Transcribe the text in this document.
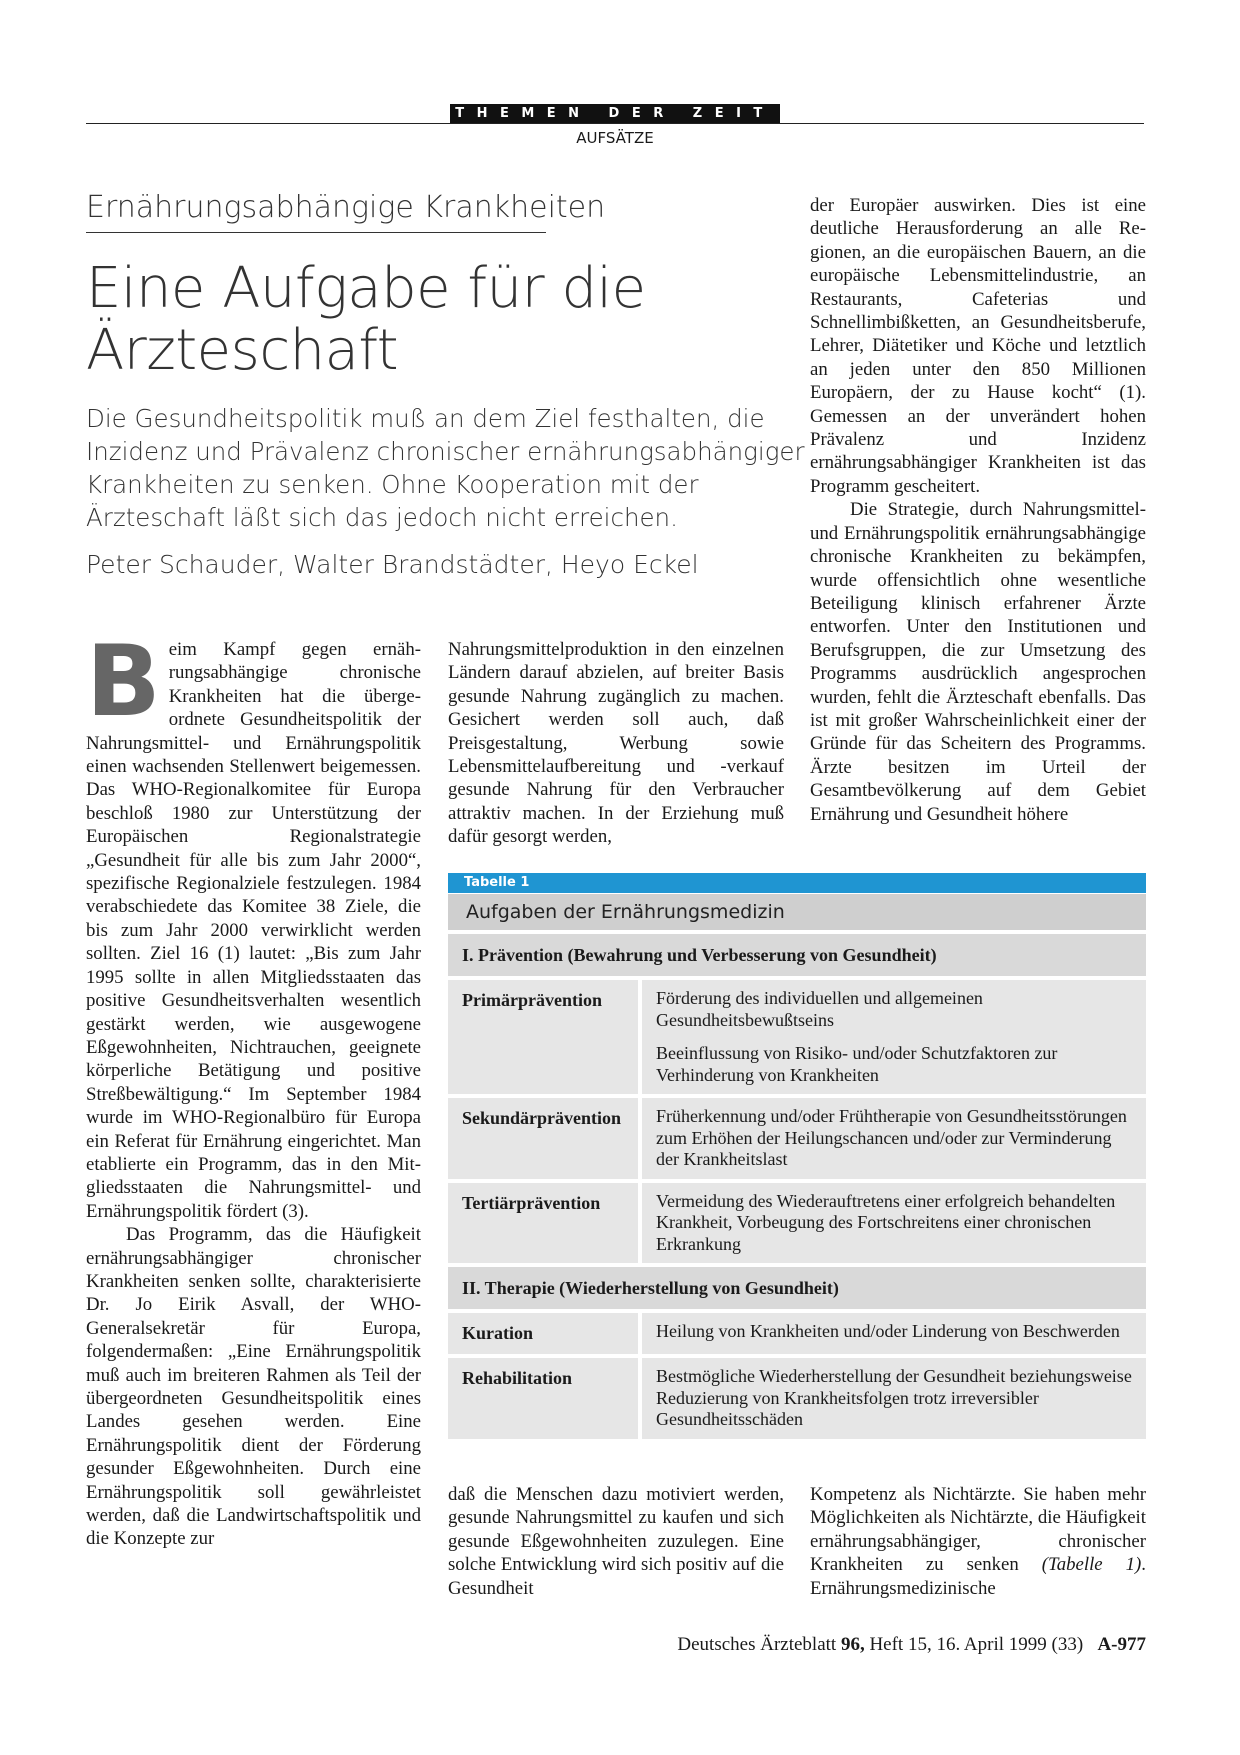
THEMEN DER ZEIT
AUFSÄTZE
Ernährungsabhängige Krankheiten
Eine Aufgabe für die Ärzteschaft
Die Gesundheitspolitik muß an dem Ziel festhalten, die Inzidenz und Prävalenz chronischer ernährungsabhängiger Krankheiten zu senken. Ohne Kooperation mit der Ärzteschaft läßt sich das jedoch nicht erreichen.
Peter Schauder, Walter Brandstädter, Heyo Eckel
B eim Kampf gegen ernährungsabhängige chronische Krankheiten hat die übergeordnete Gesundheitspolitik der Nahrungsmittel- und Ernährungspolitik einen wachsenden Stellenwert beigemessen. Das WHO-Regionalkomitee für Europa beschloß 1980 zur Unterstützung der Europäischen Regionalstrategie „Gesundheit für alle bis zum Jahr 2000“, spezifische Regionalziele festzulegen. 1984 verabschiedete das Komitee 38 Ziele, die bis zum Jahr 2000 verwirklicht werden sollten. Ziel 16 (1) lautet: „Bis zum Jahr 1995 sollte in allen Mitgliedsstaaten das positive Gesundheitsverhalten wesentlich gestärkt werden, wie ausgewogene Eßgewohnheiten, Nichtrauchen, geeignete körperliche Betätigung und positive Streßbewältigung.“ Im September 1984 wurde im WHO-Regionalbüro für Europa ein Referat für Ernährung eingerichtet. Man etablierte ein Programm, das in den Mitgliedsstaaten die Nahrungsmittel- und Ernährungspolitik fördert (3).

Das Programm, das die Häufigkeit ernährungsabhängiger chronischer Krankheiten senken sollte, charakterisierte Dr. Jo Eirik Asvall, der WHO-Generalsekretär für Europa, folgendermaßen: „Eine Ernährungspolitik muß auch im breiteren Rahmen als Teil der übergeordneten Gesundheitspolitik eines Landes gesehen werden. Eine Ernährungspolitik dient der Förderung gesunder Eßgewohnheiten. Durch eine Ernährungspolitik soll gewährleistet werden, daß die Landwirtschaftspolitik und die Konzepte zur

Nahrungsmittelproduktion in den einzelnen Ländern darauf abzielen, auf breiter Basis gesunde Nahrung zugänglich zu machen. Gesichert werden soll auch, daß Preisgestaltung, Werbung sowie Lebensmittelaufbereitung und -verkauf gesunde Nahrung für den Verbraucher attraktiv machen. In der Erziehung muß dafür gesorgt werden,

der Europäer auswirken. Dies ist eine deutliche Herausforderung an alle Regionen, an die europäischen Bauern, an die europäische Lebensmittelindustrie, an Restaurants, Cafeterias und Schnellimbißketten, an Gesundheitsberufe, Lehrer, Diätetiker und Köche und letztlich an jeden unter den 850 Millionen Europäern, der zu Hause kocht“ (1). Gemessen an der unverändert hohen Prävalenz und Inzidenz ernährungsabhängiger Krankheiten ist das Programm gescheitert.

Die Strategie, durch Nahrungsmittel- und Ernährungspolitik ernährungsabhängige chronische Krankheiten zu bekämpfen, wurde offensichtlich ohne wesentliche Beteiligung klinisch erfahrener Ärzte entworfen. Unter den Institutionen und Berufsgruppen, die zur Umsetzung des Programms ausdrücklich angesprochen wurden, fehlt die Ärzteschaft ebenfalls. Das ist mit großer Wahrscheinlichkeit einer der Gründe für das Scheitern des Programms. Ärzte besitzen im Urteil der Gesamtbevölkerung auf dem Gebiet Ernährung und Gesundheit höhere

Tabelle 1
Aufgaben der Ernährungsmedizin
I. Prävention (Bewahrung und Verbesserung von Gesundheit)
Primärprävention	Förderung des individuellen und allgemeinen Gesundheitsbewußtseins

Beeinflussung von Risiko- und/oder Schutzfaktoren zur Verhinderung von Krankheiten

Sekundärprävention	Früherkennung und/oder Frühtherapie von Gesundheitsstörungen zum Erhöhen der Heilungschancen und/oder zur Verminderung der Krankheitslast

Tertiärprävention	Vermeidung des Wiederauftretens einer erfolgreich behandelten Krankheit, Vorbeugung des Fortschreitens einer chronischen Erkrankung

II. Therapie (Wiederherstellung von Gesundheit)
Kuration	Heilung von Krankheiten und/oder Linderung von Beschwerden

Rehabilitation	Bestmögliche Wiederherstellung der Gesundheit beziehungsweise Reduzierung von Krankheitsfolgen trotz irreversibler Gesundheitsschäden

daß die Menschen dazu motiviert werden, gesunde Nahrungsmittel zu kaufen und sich gesunde Eßgewohnheiten zuzulegen. Eine solche Entwicklung wird sich positiv auf die Gesundheit

Kompetenz als Nichtärzte. Sie haben mehr Möglichkeiten als Nichtärzte, die Häufigkeit ernährungsabhängiger, chronischer Krankheiten zu senken (Tabelle 1). Ernährungsmedizinische

Deutsches Ärzteblatt 96, Heft 15, 16. April 1999 (33) A-977
